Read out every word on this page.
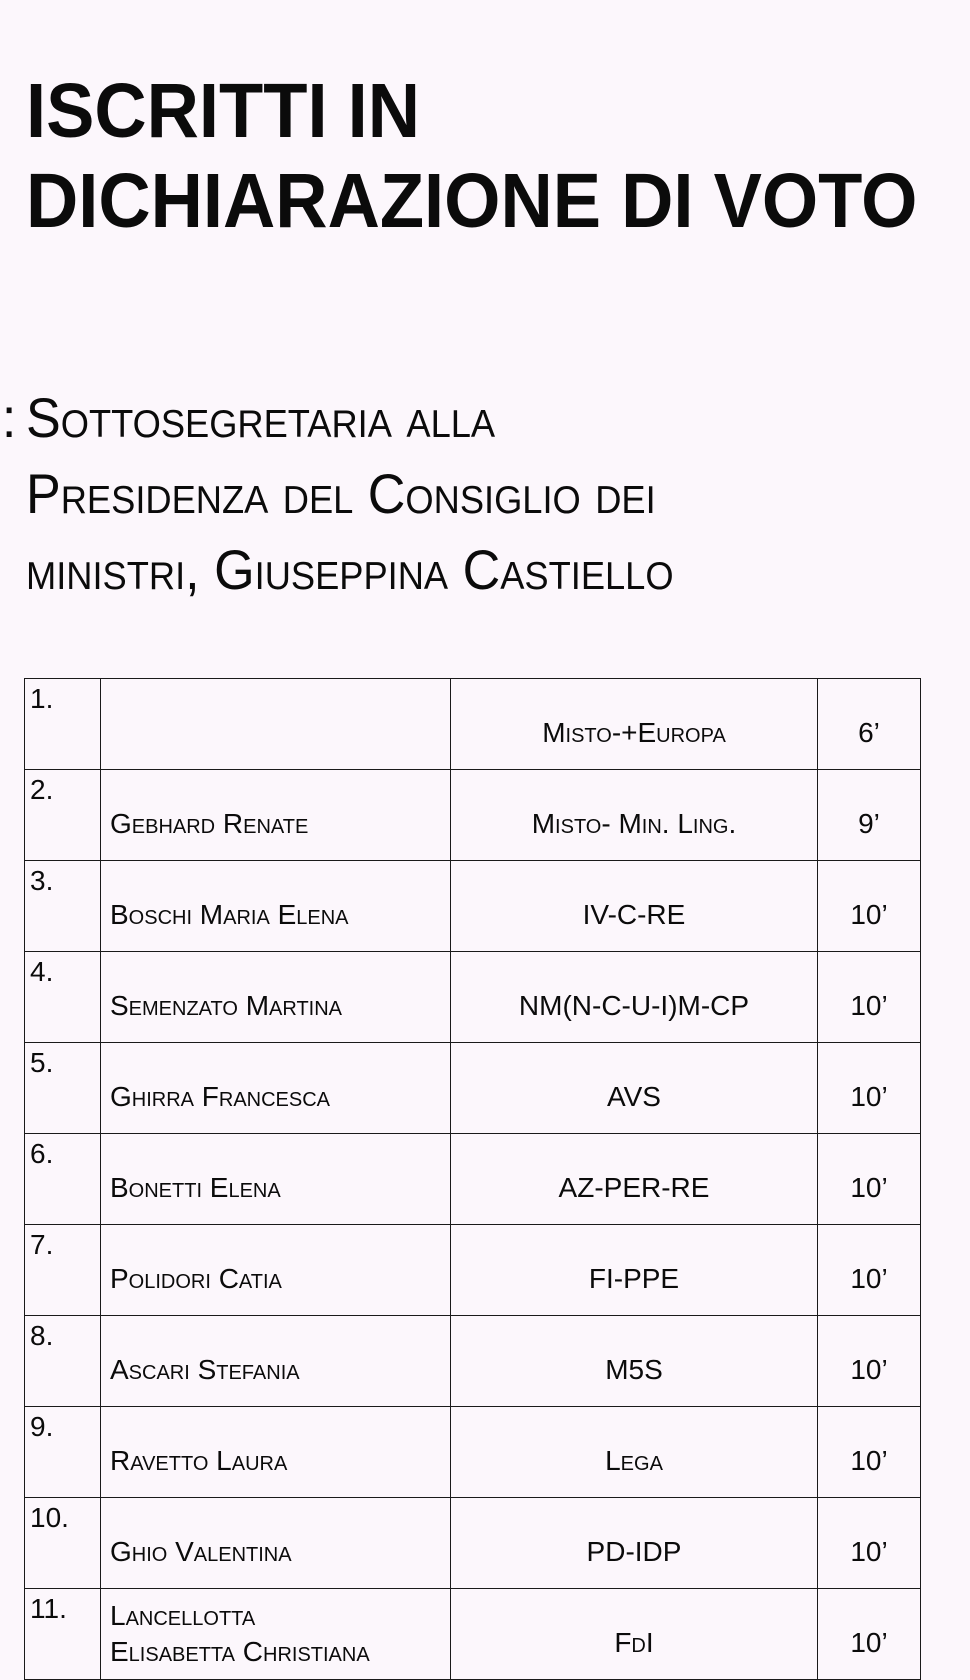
ISCRITTI IN
DICHIARAZIONE DI VOTO
: Sottosegretaria alla
Presidenza del Consiglio dei
ministri, Giuseppina Castiello
1.		Misto-+Europa	6’
2.	Gebhard Renate	Misto- Min. Ling.	9’
3.	Boschi Maria Elena	IV-C-RE	10’
4.	Semenzato Martina	NM(N-C-U-I)M-CP	10’
5.	Ghirra Francesca	AVS	10’
6.	Bonetti Elena	AZ-PER-RE	10’
7.	Polidori Catia	FI-PPE	10’
8.	Ascari Stefania	M5S	10’
9.	Ravetto Laura	Lega	10’
10.	Ghio Valentina	PD-IDP	10’
11.	Lancellotta
Elisabetta Christiana	FdI	10’
